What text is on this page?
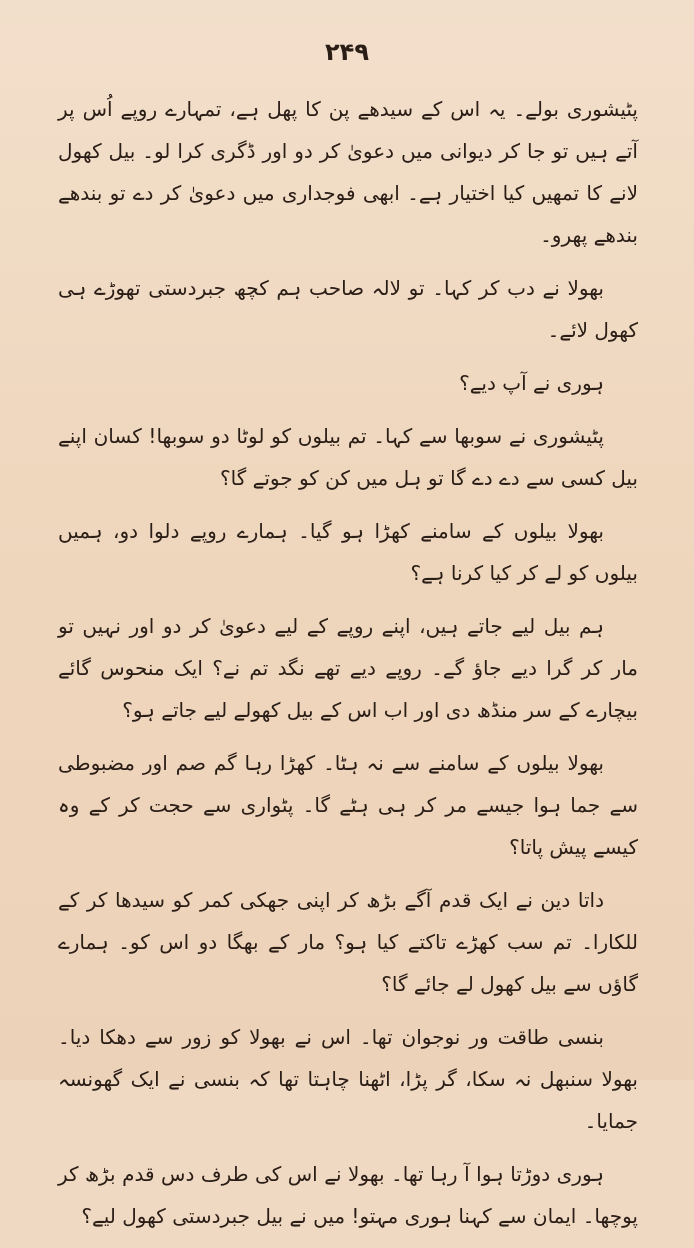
۲۴۹

پٹیشوری بولے۔ یہ اس کے سیدھے پن کا پھل ہے، تمہارے روپے اُس پر آتے ہیں تو جا کر دیوانی میں دعویٰ کر دو اور ڈگری کرا لو۔ بیل کھول لانے کا تمھیں کیا اختیار ہے۔ ابھی فوجداری میں دعویٰ کر دے تو بندھے بندھے پھرو۔

بھولا نے دب کر کہا۔ تو لالہ صاحب ہم کچھ جبردستی تھوڑے ہی کھول لائے۔

ہوری نے آپ دیے؟

پٹیشوری نے سوبھا سے کہا۔ تم بیلوں کو لوٹا دو سوبھا! کسان اپنے بیل کسی سے دے دے گا تو ہل میں کن کو جوتے گا؟

بھولا بیلوں کے سامنے کھڑا ہو گیا۔ ہمارے روپے دلوا دو، ہمیں بیلوں کو لے کر کیا کرنا ہے؟

ہم بیل لیے جاتے ہیں، اپنے روپے کے لیے دعویٰ کر دو اور نہیں تو مار کر گرا دیے جاؤ گے۔ روپے دیے تھے نگد تم نے؟ ایک منحوس گائے بیچارے کے سر منڈھ دی اور اب اس کے بیل کھولے لیے جاتے ہو؟

بھولا بیلوں کے سامنے سے نہ ہٹا۔ کھڑا رہا گم صم اور مضبوطی سے جما ہوا جیسے مر کر ہی ہٹے گا۔ پٹواری سے حجت کر کے وہ کیسے پیش پاتا؟

داتا دین نے ایک قدم آگے بڑھ کر اپنی جھکی کمر کو سیدھا کر کے للکارا۔ تم سب کھڑے تاکتے کیا ہو؟ مار کے بھگا دو اس کو۔ ہمارے گاؤں سے بیل کھول لے جائے گا؟

بنسی طاقت ور نوجوان تھا۔ اس نے بھولا کو زور سے دھکا دیا۔ بھولا سنبھل نہ سکا، گر پڑا، اٹھنا چاہتا تھا کہ بنسی نے ایک گھونسہ جمایا۔

ہوری دوڑتا ہوا آ رہا تھا۔ بھولا نے اس کی طرف دس قدم بڑھ کر پوچھا۔ ایمان سے کہنا ہوری مہتو! میں نے بیل جبردستی کھول لیے؟
